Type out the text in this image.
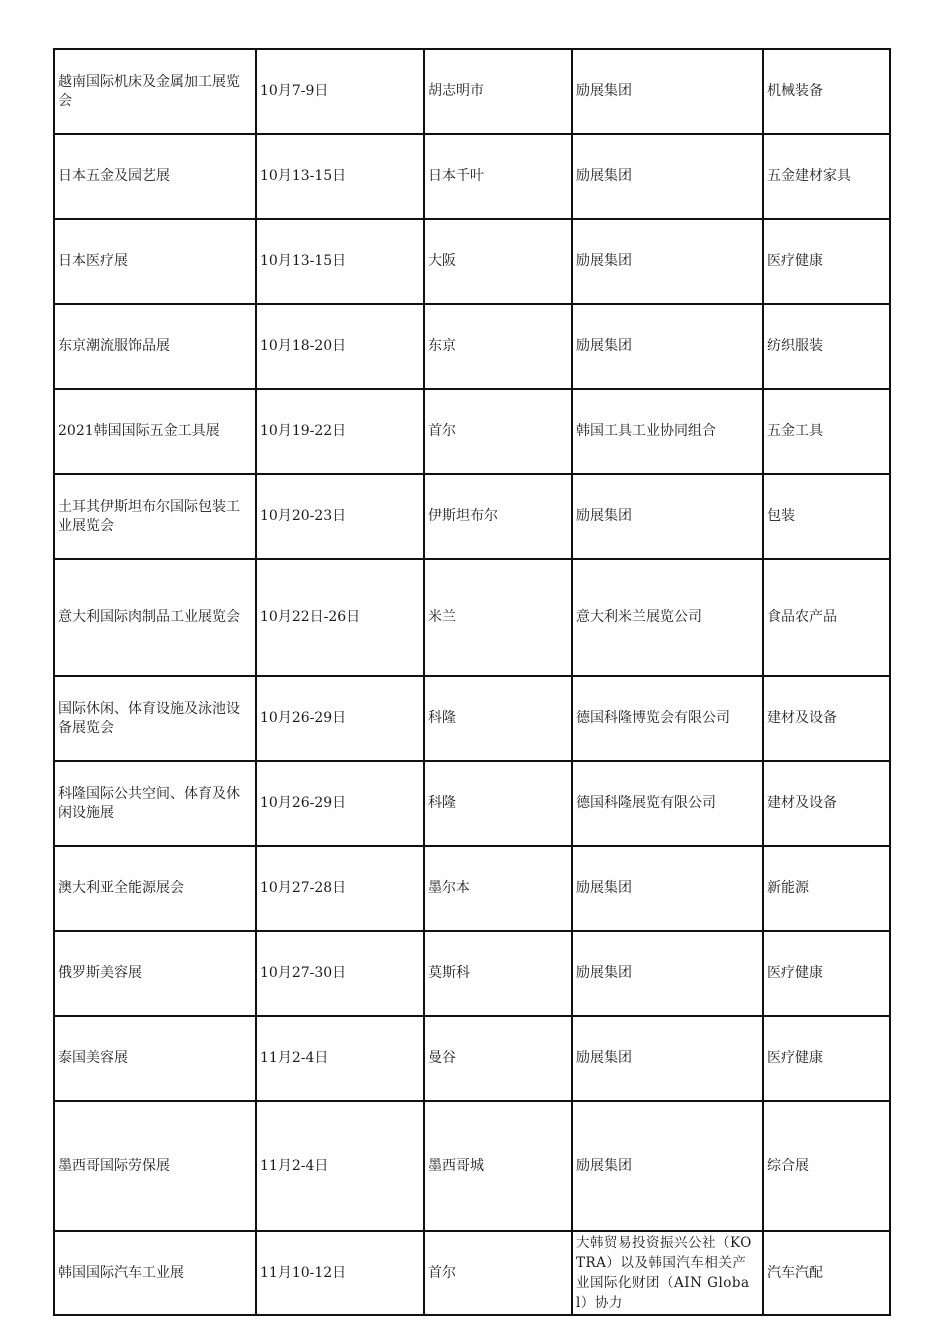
越南国际机床及金属加工展览会	10月7-9日	胡志明市	励展集团	机械装备
日本五金及园艺展	10月13-15日	日本千叶	励展集团	五金建材家具
日本医疗展	10月13-15日	大阪	励展集团	医疗健康
东京潮流服饰品展	10月18-20日	东京	励展集团	纺织服装
2021韩国国际五金工具展	10月19-22日	首尔	韩国工具工业协同组合	五金工具
土耳其伊斯坦布尔国际包装工业展览会	10月20-23日	伊斯坦布尔	励展集团	包装
意大利国际肉制品工业展览会	10月22日-26日	米兰	意大利米兰展览公司	食品农产品
国际休闲、体育设施及泳池设备展览会	10月26-29日	科隆	德国科隆博览会有限公司	建材及设备
科隆国际公共空间、体育及休闲设施展	10月26-29日	科隆	德国科隆展览有限公司	建材及设备
澳大利亚全能源展会	10月27-28日	墨尔本	励展集团	新能源
俄罗斯美容展	10月27-30日	莫斯科	励展集团	医疗健康
泰国美容展	11月2-4日	曼谷	励展集团	医疗健康
墨西哥国际劳保展	11月2-4日	墨西哥城	励展集团	综合展
韩国国际汽车工业展	11月10-12日	首尔	大韩贸易投资振兴公社（KOTRA）以及韩国汽车相关产业国际化财团（AIN Global）协力	汽车汽配
